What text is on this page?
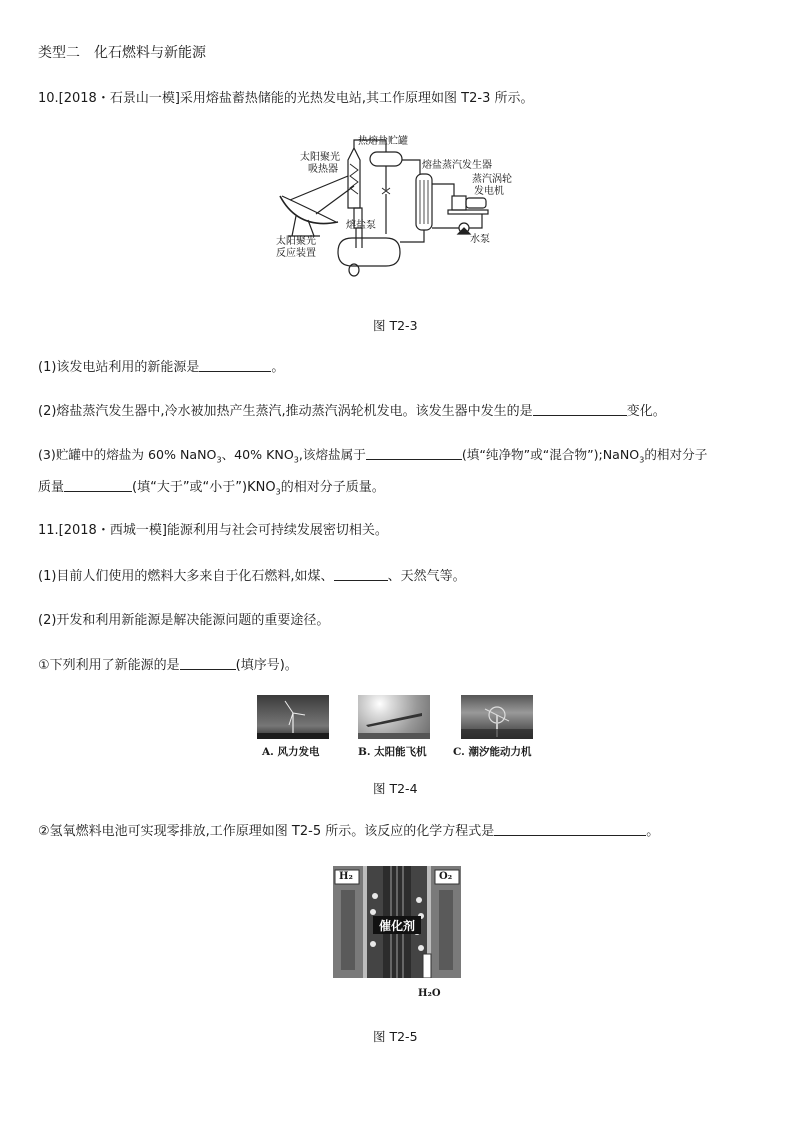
类型二　化石燃料与新能源
10.[2018・石景山一模]采用熔盐蓄热储能的光热发电站,其工作原理如图 T2-3 所示。
热熔盐贮罐
太阳聚光
吸热器	熔盐蒸汽发生器
蒸汽涡轮
发电机
熔盐泵
太阳聚光
反应装置
水泵
图 T2-3
(1)该发电站利用的新能源是	。
(2)熔盐蒸汽发生器中,冷水被加热产生蒸汽,推动蒸汽涡轮机发电。该发生器中发生的是	变化。
(3)贮罐中的熔盐为 60% NaNO$_3$、40% $KNO_3$,该熔盐属于	(填“纯净物”或“混合物”);NaNO$_3$的相对分子
质量	(填“大于”或“小于$”)KNO_3$的相对分子质量。
11.[2018・西城一模]能源利用与社会可持续发展密切相关。
(1)目前人们使用的燃料大多来自于化石燃料,如煤、	、天然气等。
(2)开发和利用新能源是解决能源问题的重要途径。
①下列利用了新能源的是	(填序号)。
A. 风力发电	B. 太阳能飞机	C. 潮汐能动力机
图 T2-4
②氢氧燃料电池可实现零排放,工作原理如图 T2-5 所示。该反应的化学方程式是	。
H₂	O₂
催化剂
H₂O
图 T2-5
